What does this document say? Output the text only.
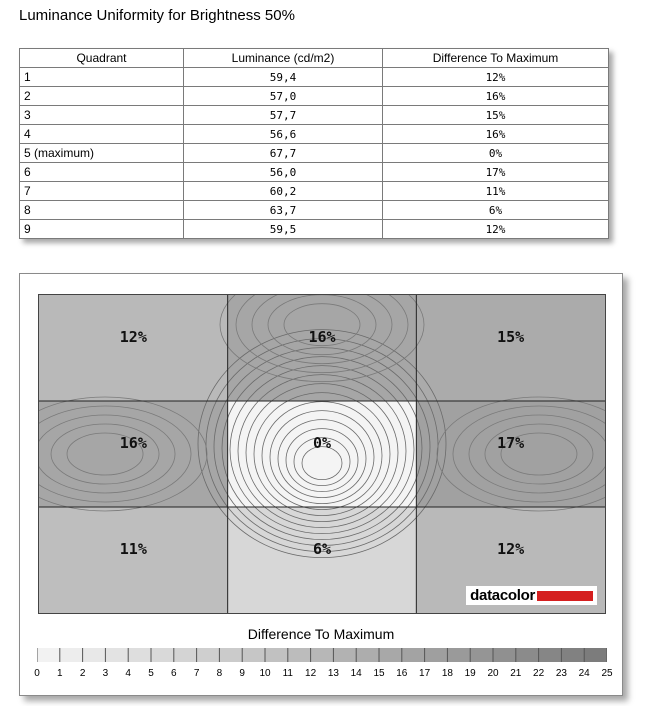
Luminance Uniformity for Brightness 50%
Quadrant	Luminance (cd/m2)	Difference To Maximum
1	59,4	12%
2	57,0	16%
3	57,7	15%
4	56,6	16%
5 (maximum)	67,7	0%
6	56,0	17%
7	60,2	11%
8	63,7	6%
9	59,5	12%
12%	16%	15%
16%	0%	17%
11%	6%	12%
datacolor
Difference To Maximum
0 1 2 3 4 5 6 7 8 9 10 11 12 13 14 15 16 17 18 19 20 21 22 23 24 25
